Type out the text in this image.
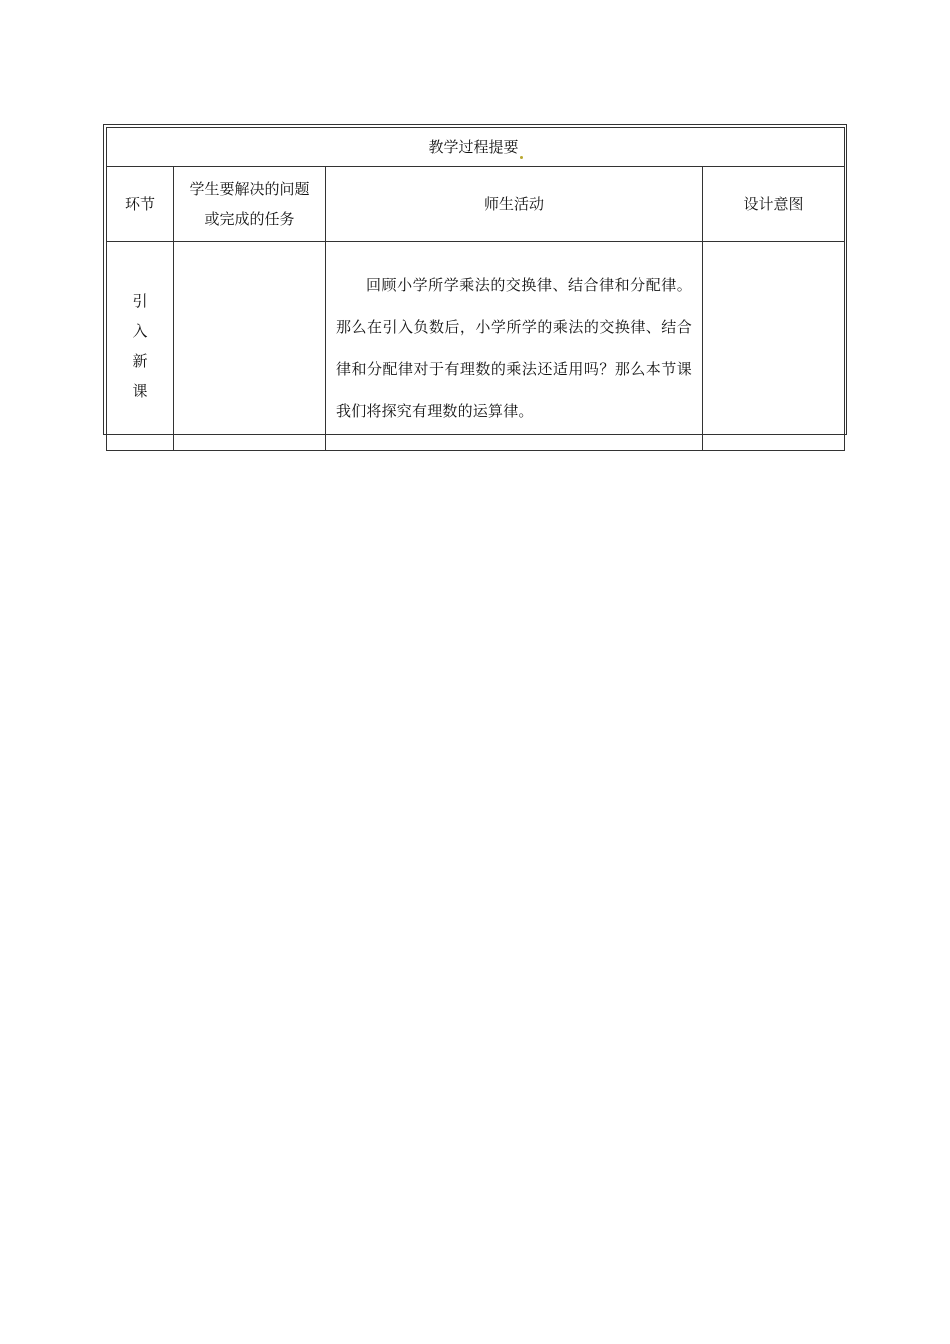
教学过程提要			
环节	学生要解决的问题或完成的任务	师生活动	设计意图

引
入
新
课		回顾小学所学乘法的交换律、结合律和分配律。那么在引入负数后，小学所学的乘法的交换律、结合律和分配律对于有理数的乘法还适用吗？那么本节课我们将探究有理数的运算律。	
